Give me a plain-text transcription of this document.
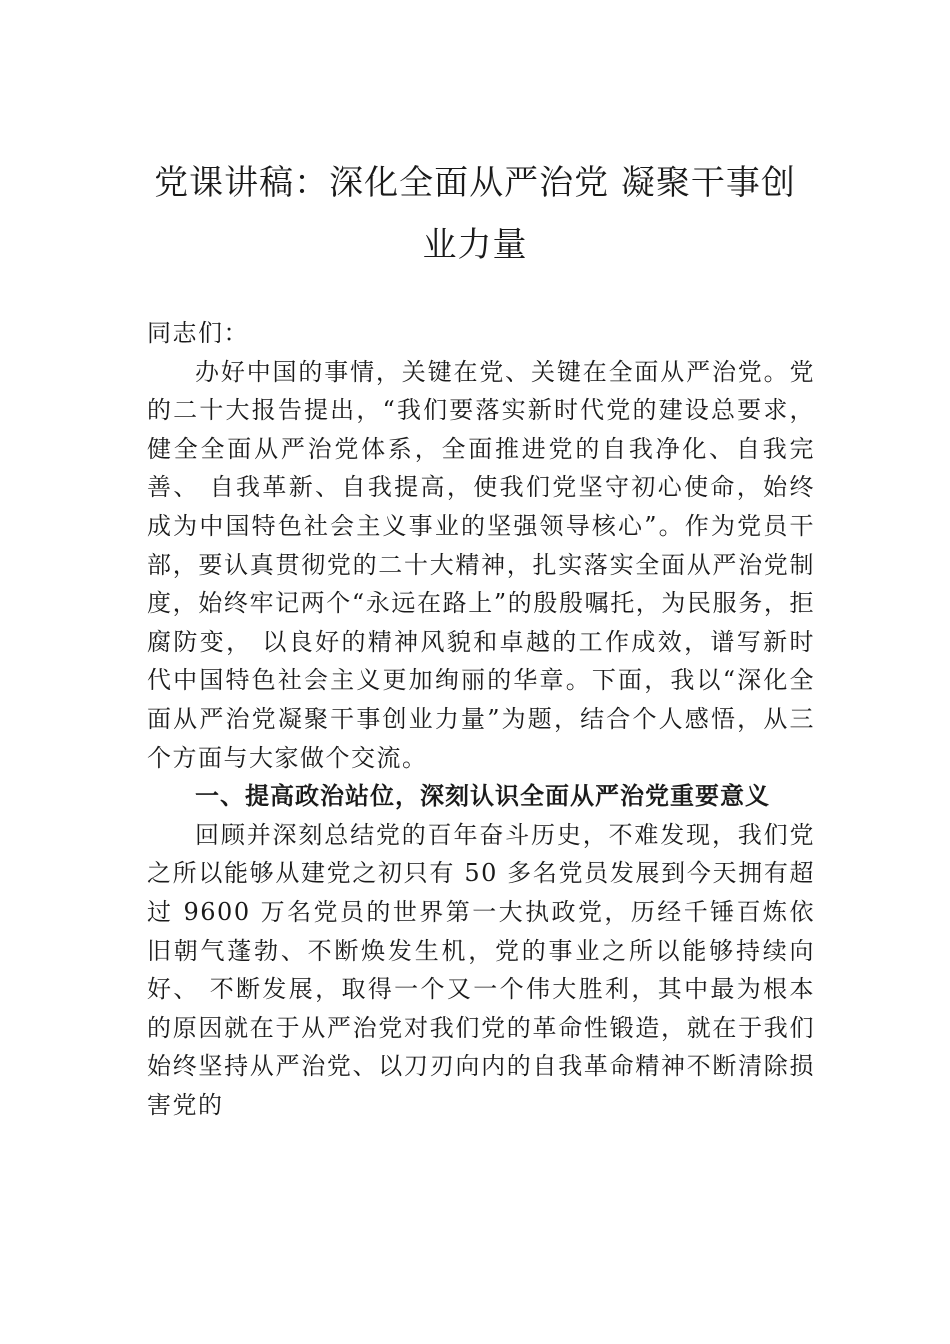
党课讲稿：深化全面从严治党 凝聚干事创
业力量

同志们：

办好中国的事情，关键在党、关键在全面从严治党。党的二十大报告提出，“我们要落实新时代党的建设总要求，健全全面从严治党体系，全面推进党的自我净化、自我完善、 自我革新、自我提高，使我们党坚守初心使命，始终成为中国特色社会主义事业的坚强领导核心”。作为党员干部，要认真贯彻党的二十大精神，扎实落实全面从严治党制度，始终牢记两个“永远在路上”的殷殷嘱托，为民服务，拒腐防变， 以良好的精神风貌和卓越的工作成效，谱写新时代中国特色社会主义更加绚丽的华章。下面，我以“深化全面从严治党凝聚干事创业力量”为题，结合个人感悟，从三个方面与大家做个交流。

一、提高政治站位，深刻认识全面从严治党重要意义

回顾并深刻总结党的百年奋斗历史，不难发现，我们党之所以能够从建党之初只有 50 多名党员发展到今天拥有超过 9600 万名党员的世界第一大执政党，历经千锤百炼依旧朝气蓬勃、不断焕发生机，党的事业之所以能够持续向好、 不断发展，取得一个又一个伟大胜利，其中最为根本的原因就在于从严治党对我们党的革命性锻造，就在于我们始终坚持从严治党、以刀刃向内的自我革命精神不断清除损害党的
